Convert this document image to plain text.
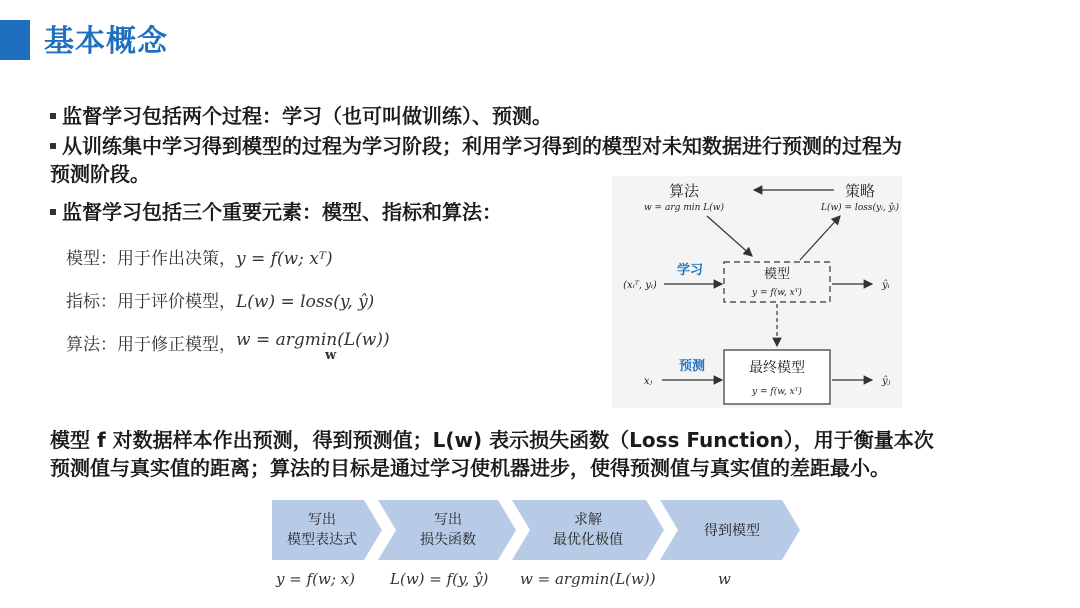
基本概念
监督学习包括两个过程：学习（也可叫做训练）、预测。
从训练集中学习得到模型的过程为学习阶段；利用学习得到的模型对未知数据进行预测的过程为
预测阶段。
监督学习包括三个重要元素：模型、指标和算法：
模型：用于作出决策，y = f(w; xᵀ)
指标：用于评价模型，L(w) = loss(y, ŷ)
算法：用于修正模型，w = argmin(L(w))
w
算法
w = arg min L(w)
策略
L(w) = loss(yᵢ, ŷᵢ)
模型
y = f(w, xᵀ)
学习
(xᵢᵀ, yᵢ)	ŷᵢ
最终模型
y = f(w, xᵀ)
预测
xⱼ	ŷⱼ
模型 f 对数据样本作出预测，得到预测值；L(w) 表示损失函数（Loss Function），用于衡量本次
预测值与真实值的距离；算法的目标是通过学习使机器进步，使得预测值与真实值的差距最小。
写出
模型表达式
写出
损失函数
求解
最优化极值
得到模型
y = f(w; x) L(w) = f(y, ŷ) w = argmin(L(w))	w
